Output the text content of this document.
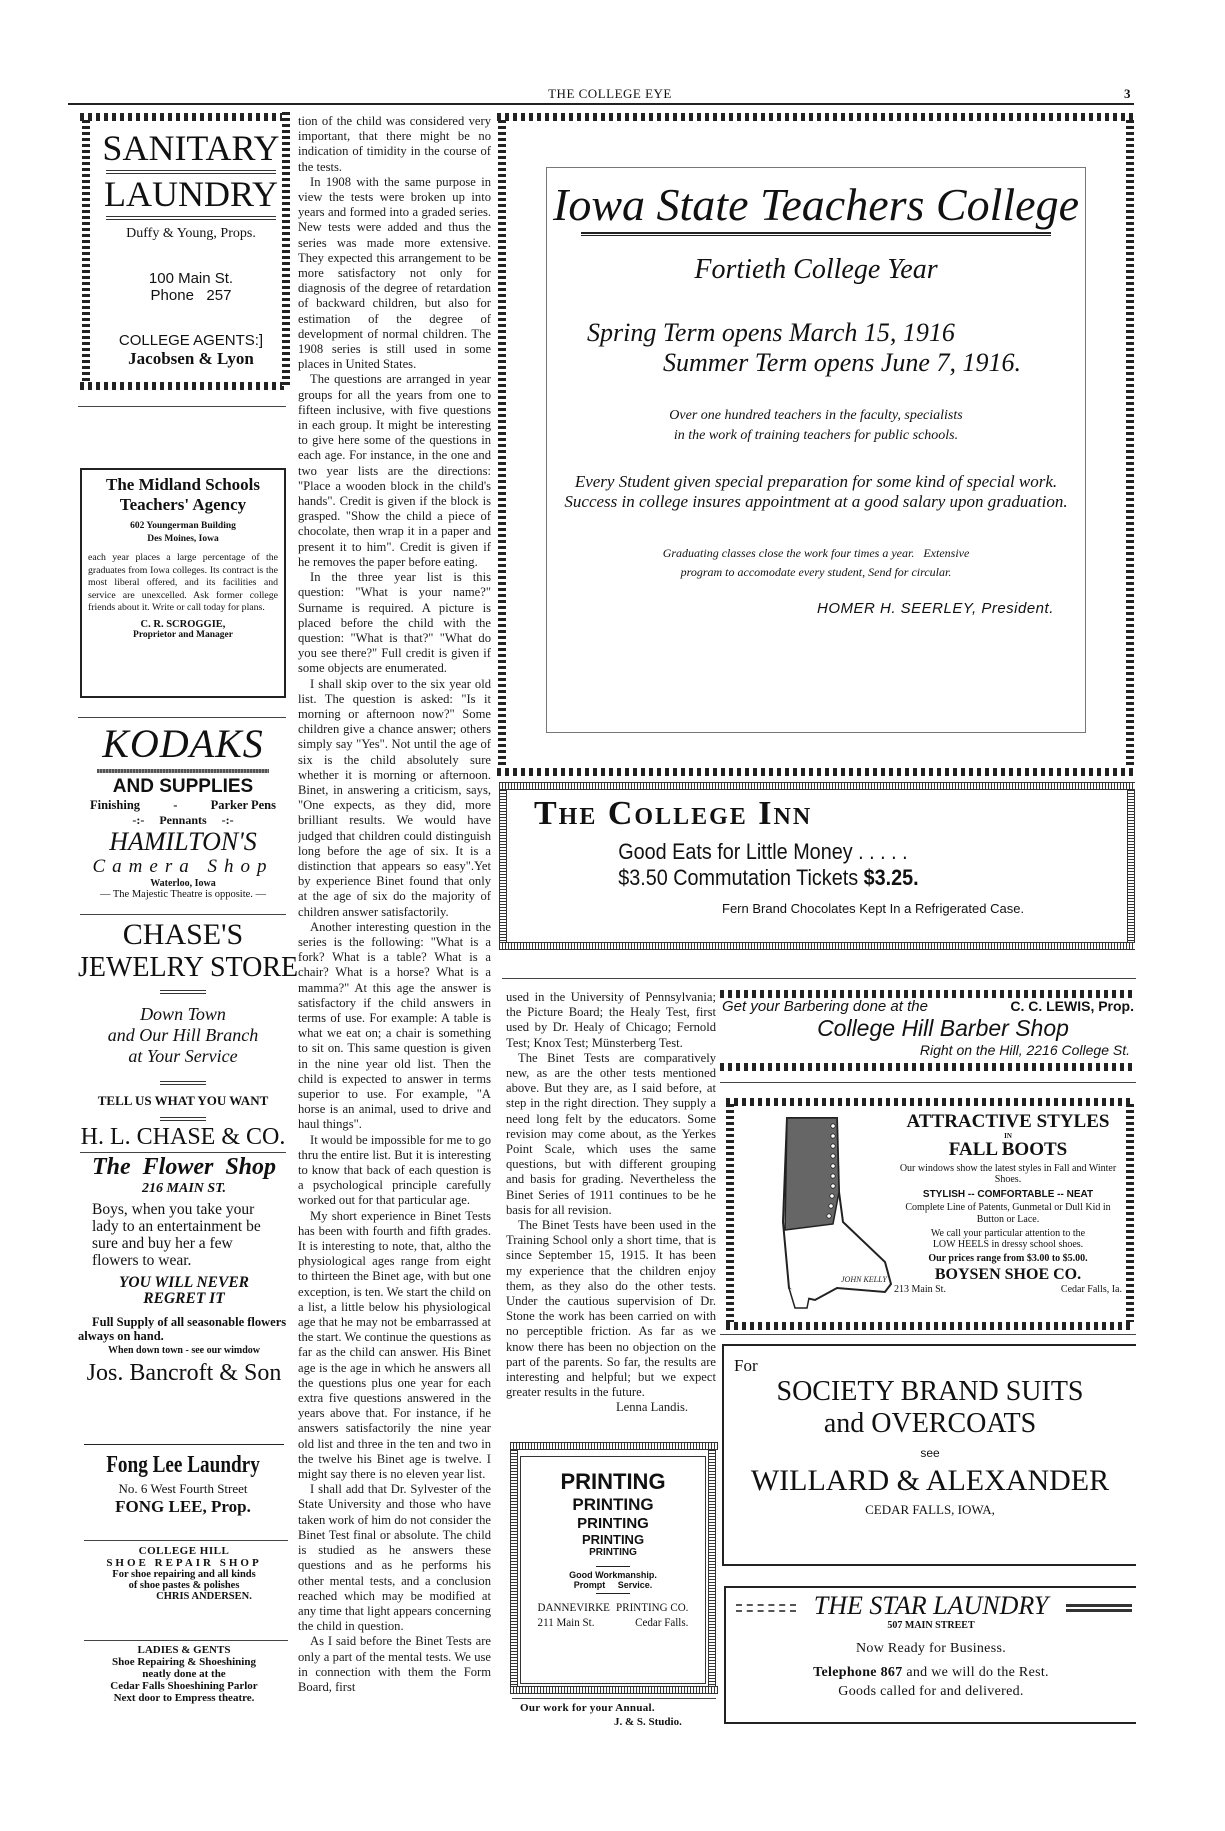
THE COLLEGE EYE	3
SANITARY
LAUNDRY
Duffy & Young, Props.
100 Main St.
Phone   257
COLLEGE AGENTS:]
Jacobsen & Lyon
The Midland Schools
Teachers' Agency
602 Youngerman Building
Des Moines, Iowa
each year places a large percentage of the graduates from Iowa colleges. Its contract is the most liberal offered, and its facilities and service are unexcelled. Ask former college friends about it. Write or call today for plans.
C. R. SCROGGIE,
Proprietor and Manager
KODAKS
AND SUPPLIES
Finishing	-	Parker Pens
-:-     Pennants     -:-
HAMILTON'S
Camera Shop
Waterloo, Iowa
— The Majestic Theatre is opposite. —
CHASE'S
JEWELRY STORE
Down Town
and Our Hill Branch
at Your Service
TELL US WHAT YOU WANT
H. L. CHASE & CO.
The  Flower  Shop
216 MAIN ST.
Boys, when you take your lady to an entertainment be sure and buy her a few flowers to wear.
YOU WILL NEVER REGRET IT
Full Supply of all seasonable flowers always on hand.
When down town - see our wimdow
Jos. Bancroft & Son
Fong Lee Laundry
No. 6 West Fourth Street
FONG LEE, Prop.
COLLEGE HILL
SHOE REPAIR SHOP
For shoe repairing and all kinds
of shoe pastes & polishes
CHRIS ANDERSEN.
LADIES & GENTS
Shoe Repairing & Shoeshining
neatly done at the
Cedar Falls Shoeshining Parlor
Next door to Empress theatre.

tion of the child was considered very important, that there might be no indication of timidity in the course of the tests.

In 1908 with the same purpose in view the tests were broken up into years and formed into a graded series. New tests were added and thus the series was made more extensive. They expected this arrangement to be more satisfactory not only for diagnosis of the degree of retardation of backward children, but also for estimation of the degree of development of normal children. The 1908 series is still used in some places in United States.

The questions are arranged in year groups for all the years from one to fifteen inclusive, with five questions in each group. It might be interesting to give here some of the questions in each age. For instance, in the one and two year lists are the directions: "Place a wooden block in the child's hands". Credit is given if the block is grasped. "Show the child a piece of chocolate, then wrap it in a paper and present it to him". Credit is given if he removes the paper before eating.

In the three year list is this question: "What is your name?" Surname is required. A picture is placed before the child with the question: "What is that?" "What do you see there?" Full credit is given if some objects are enumerated.

I shall skip over to the six year old list. The question is asked: "Is it morning or afternoon now?" Some children give a chance answer; others simply say "Yes". Not until the age of six is the child absolutely sure whether it is morning or afternoon. Binet, in answering a criticism, says, "One expects, as they did, more brilliant results. We would have judged that children could distinguish long before the age of six. It is a distinction that appears so easy".Yet by experience Binet found that only at the age of six do the majority of children answer satisfactorily.

Another interesting question in the series is the following: "What is a fork? What is a table? What is a chair? What is a horse? What is a mamma?" At this age the answer is satisfactory if the child answers in terms of use. For example: A table is what we eat on; a chair is something to sit on. This same question is given in the nine year old list. Then the child is expected to answer in terms superior to use. For example, "A horse is an animal, used to drive and haul things".

It would be impossible for me to go thru the entire list. But it is interesting to know that back of each question is a psychological principle carefully worked out for that particular age.

My short experience in Binet Tests has been with fourth and fifth grades. It is interesting to note, that, altho the physiological ages range from eight to thirteen the Binet age, with but one exception, is ten. We start the child on a list, a little below his physiological age that he may not be embarrassed at the start. We continue the questions as far as the child can answer. His Binet age is the age in which he answers all the questions plus one year for each extra five questions answered in the years above that. For instance, if he answers satisfactorily the nine year old list and three in the ten and two in the twelve his Binet age is twelve. I might say there is no eleven year list.

I shall add that Dr. Sylvester of the State University and those who have taken work of him do not consider the Binet Test final or absolute. The child is studied as he answers these questions and as he performs his other mental tests, and a conclusion reached which may be modified at any time that light appears concerning the child in question.

As I said before the Binet Tests are only a part of the mental tests. We use in connection with them the Form Board, first

Iowa State Teachers College
Fortieth College Year
Spring Term opens March 15, 1916
Summer Term opens June 7, 1916.
Over one hundred teachers in the faculty, specialists
in the work of training teachers for public schools.
Every Student given special preparation for some kind of special work.
Success in college insures appointment at a good salary upon graduation.
Graduating classes close the work four times a year.   Extensive
program to accomodate every student, Send for circular.
HOMER H. SEERLEY, President.
The College Inn
Good Eats for Little Money . . . . .
$3.50 Commutation Tickets $3.25.
Fern Brand Chocolates Kept In a Refrigerated Case.

used in the University of Pennsylvania; the Picture Board; the Healy Test, first used by Dr. Healy of Chicago; Fernold Test; Knox Test; Münsterberg Test.

The Binet Tests are comparatively new, as are the other tests mentioned above. But they are, as I said before, at step in the right direction. They supply a need long felt by the educators. Some revision may come about, as the Yerkes Point Scale, which uses the same questions, but with different grouping and basis for grading. Nevertheless the Binet Series of 1911 continues to be he basis for all revision.

The Binet Tests have been used in the Training School only a short time, that is since September 15, 1915. It has been my experience that the children enjoy them, as they also do the other tests. Under the cautious supervision of Dr. Stone the work has been carried on with no perceptible friction. As far as we know there has been no objection on the part of the parents. So far, the results are interesting and helpful; but we expect greater results in the future.

Lenna Landis.
Get your Barbering done at the	C. C. LEWIS, Prop.
College Hill Barber Shop
Right on the Hill, 2216 College St.
JOHN KELLY
ATTRACTIVE STYLES
IN
FALL BOOTS
Our windows show the latest styles in Fall and Winter Shoes.
STYLISH -- COMFORTABLE -- NEAT
Complete Line of Patents, Gunmetal or Dull Kid in Button or Lace.
We call your particular attention to the
LOW HEELS in dressy school shoes.
Our prices range from $3.00 to $5.00.
BOYSEN SHOE CO.
213 Main St.	Cedar Falls, Ia.
For
SOCIETY BRAND SUITS
and OVERCOATS
see
WILLARD & ALEXANDER
CEDAR FALLS, IOWA,
PRINTING
PRINTING
PRINTING
PRINTING
PRINTING
Good Workmanship.
Prompt     Service.
DANNEVIRKE PRINTING CO.
211 Main St.	Cedar Falls.
Our work for your Annual.
J. & S. Studio.
THE STAR LAUNDRY
507 MAIN STREET
Now Ready for Business.
Telephone 867 and we will do the Rest.
Goods called for and delivered.
